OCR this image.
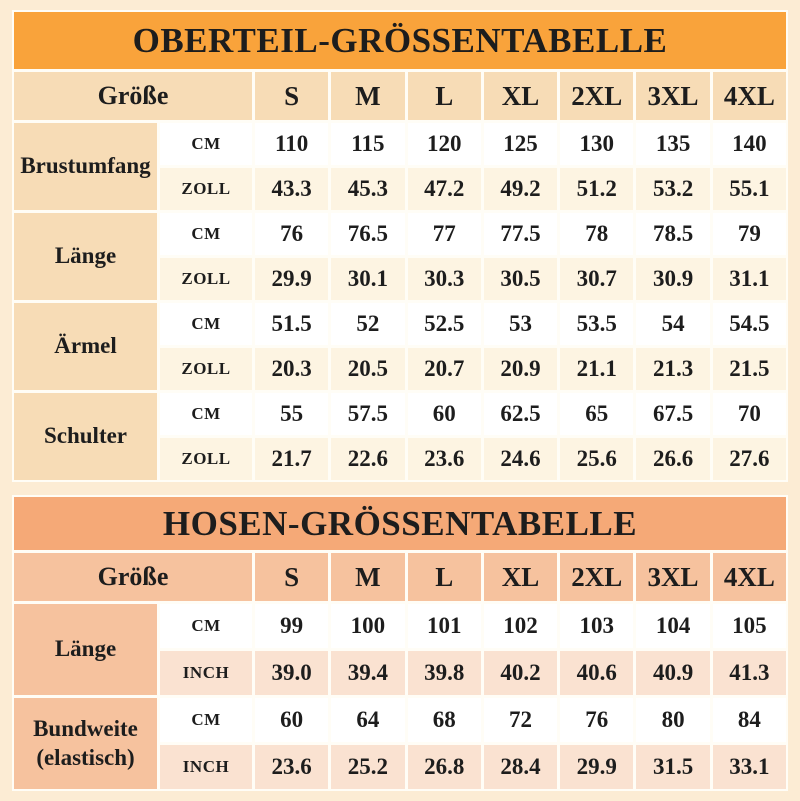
OBERTEIL-GRÖSSENTABELLE
Größe	S	M	L	XL	2XL 3XL 4XL
Brustumfang
CM	110	115	120	125	130	135	140
ZOLL	43.3	45.3	47.2	49.2	51.2	53.2	55.1
Länge
CM	76	76.5	77	77.5	78	78.5	79
ZOLL	29.9	30.1	30.3	30.5	30.7	30.9	31.1
Ärmel
CM	51.5	52	52.5	53	53.5	54	54.5
ZOLL	20.3	20.5	20.7	20.9	21.1	21.3	21.5
Schulter
CM	55	57.5	60	62.5	65	67.5	70
ZOLL	21.7	22.6	23.6	24.6	25.6	26.6	27.6
HOSEN-GRÖSSENTABELLE
Größe	S	M	L	XL	2XL 3XL 4XL
Länge
CM	99	100	101	102	103	104	105
INCH	39.0	39.4	39.8	40.2	40.6	40.9	41.3
Bundweite (elastisch)
CM	60	64	68	72	76	80	84
INCH	23.6	25.2	26.8	28.4	29.9	31.5	33.1
